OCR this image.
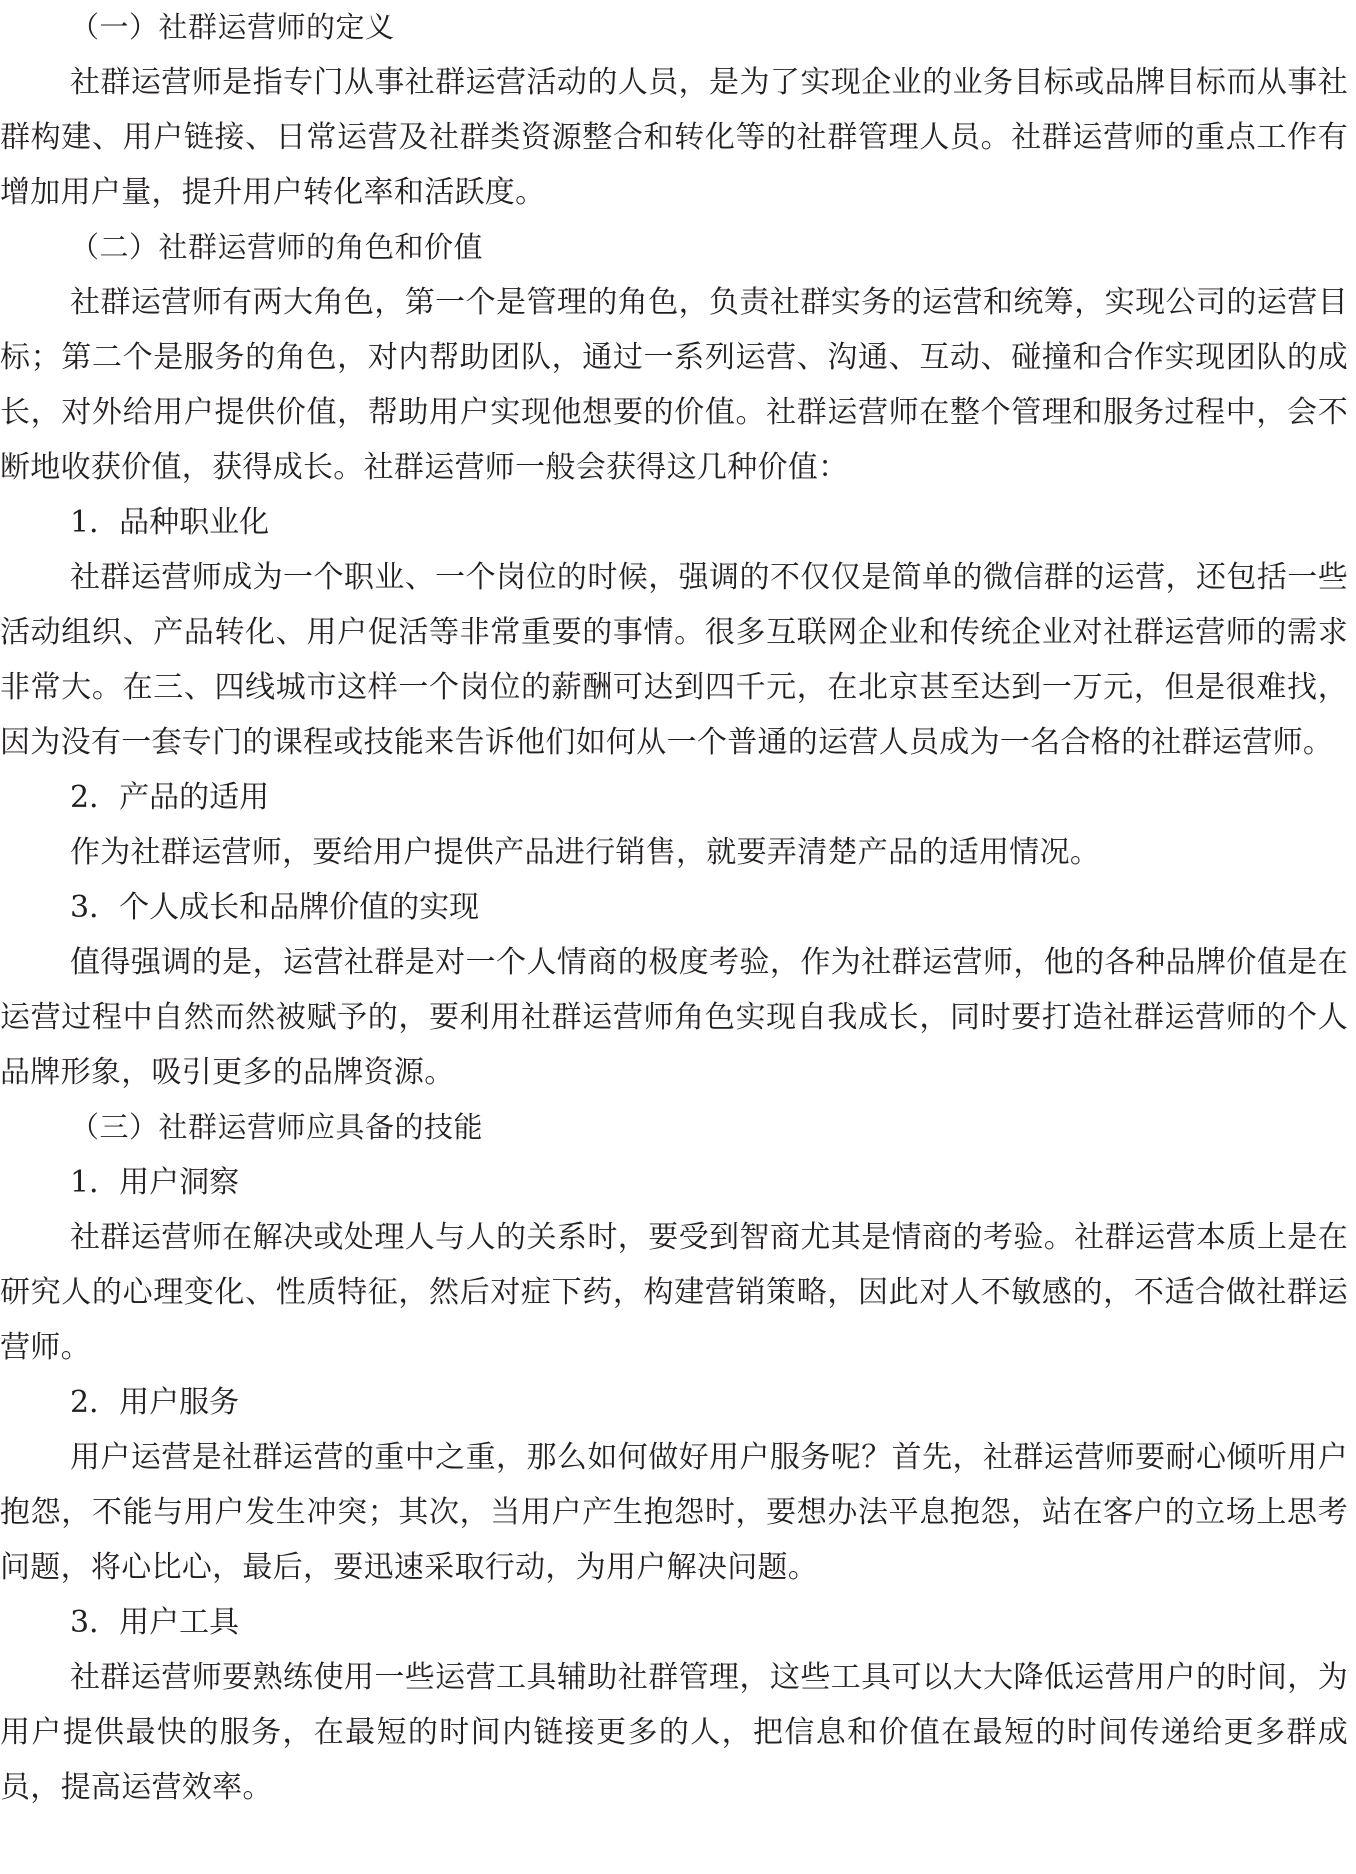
（一）社群运营师的定义

社群运营师是指专门从事社群运营活动的人员，是为了实现企业的业务目标或品牌目标而从事社群构建、用户链接、日常运营及社群类资源整合和转化等的社群管理人员。社群运营师的重点工作有增加用户量，提升用户转化率和活跃度。

（二）社群运营师的角色和价值

社群运营师有两大角色，第一个是管理的角色，负责社群实务的运营和统筹，实现公司的运营目标；第二个是服务的角色，对内帮助团队，通过一系列运营、沟通、互动、碰撞和合作实现团队的成长，对外给用户提供价值，帮助用户实现他想要的价值。社群运营师在整个管理和服务过程中，会不断地收获价值，获得成长。社群运营师一般会获得这几种价值：

1．品种职业化

社群运营师成为一个职业、一个岗位的时候，强调的不仅仅是简单的微信群的运营，还包括一些活动组织、产品转化、用户促活等非常重要的事情。很多互联网企业和传统企业对社群运营师的需求非常大。在三、四线城市这样一个岗位的薪酬可达到四千元，在北京甚至达到一万元，但是很难找，因为没有一套专门的课程或技能来告诉他们如何从一个普通的运营人员成为一名合格的社群运营师。

2．产品的适用

作为社群运营师，要给用户提供产品进行销售，就要弄清楚产品的适用情况。

3．个人成长和品牌价值的实现

值得强调的是，运营社群是对一个人情商的极度考验，作为社群运营师，他的各种品牌价值是在运营过程中自然而然被赋予的，要利用社群运营师角色实现自我成长，同时要打造社群运营师的个人品牌形象，吸引更多的品牌资源。

（三）社群运营师应具备的技能
1．用户洞察

社群运营师在解决或处理人与人的关系时，要受到智商尤其是情商的考验。社群运营本质上是在研究人的心理变化、性质特征，然后对症下药，构建营销策略，因此对人不敏感的，不适合做社群运营师。

2．用户服务

用户运营是社群运营的重中之重，那么如何做好用户服务呢？首先，社群运营师要耐心倾听用户抱怨，不能与用户发生冲突；其次，当用户产生抱怨时，要想办法平息抱怨，站在客户的立场上思考问题，将心比心，最后，要迅速采取行动，为用户解决问题。

3．用户工具

社群运营师要熟练使用一些运营工具辅助社群管理，这些工具可以大大降低运营用户的时间，为用户提供最快的服务，在最短的时间内链接更多的人，把信息和价值在最短的时间传递给更多群成员，提高运营效率。
